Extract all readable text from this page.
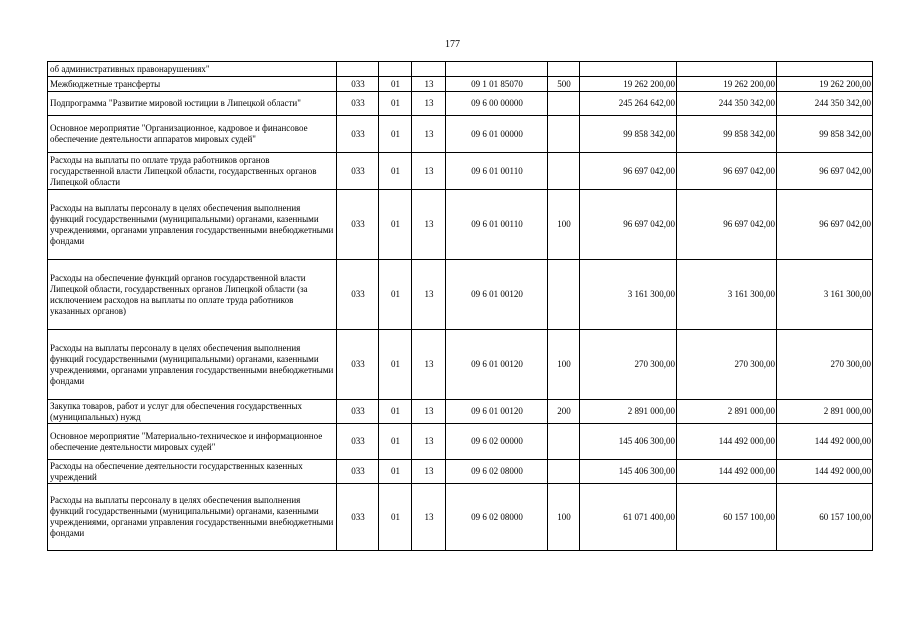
177
об административных правонарушениях"								
Межбюджетные трансферты	033	01	13	09 1 01 85070	500	19 262 200,00	19 262 200,00	19 262 200,00
Подпрограмма "Развитие мировой юстиции в Липецкой области"	033	01	13	09 6 00 00000		245 264 642,00	244 350 342,00	244 350 342,00
Основное мероприятие "Организационное, кадровое и финансовое обеспечение деятельности аппаратов мировых судей"	033	01	13	09 6 01 00000		99 858 342,00	99 858 342,00	99 858 342,00
Расходы на выплаты по оплате труда работников органов государственной власти Липецкой области, государственных органов Липецкой области	033	01	13	09 6 01 00110		96 697 042,00	96 697 042,00	96 697 042,00
Расходы на выплаты персоналу в целях обеспечения выполнения функций государственными (муниципальными) органами, казенными учреждениями, органами управления государственными внебюджетными фондами	033	01	13	09 6 01 00110	100	96 697 042,00	96 697 042,00	96 697 042,00
Расходы на обеспечение функций органов государственной власти Липецкой области, государственных органов Липецкой области (за исключением расходов на выплаты по оплате труда работников указанных органов)	033	01	13	09 6 01 00120		3 161 300,00	3 161 300,00	3 161 300,00
Расходы на выплаты персоналу в целях обеспечения выполнения функций государственными (муниципальными) органами, казенными учреждениями, органами управления государственными внебюджетными фондами	033	01	13	09 6 01 00120	100	270 300,00	270 300,00	270 300,00
Закупка товаров, работ и услуг для обеспечения государственных (муниципальных) нужд	033	01	13	09 6 01 00120	200	2 891 000,00	2 891 000,00	2 891 000,00
Основное мероприятие "Материально-техническое и информационное обеспечение деятельности мировых судей"	033	01	13	09 6 02 00000		145 406 300,00	144 492 000,00	144 492 000,00
Расходы на обеспечение деятельности государственных казенных учреждений	033	01	13	09 6 02 08000		145 406 300,00	144 492 000,00	144 492 000,00
Расходы на выплаты персоналу в целях обеспечения выполнения функций государственными (муниципальными) органами, казенными учреждениями, органами управления государственными внебюджетными фондами	033	01	13	09 6 02 08000	100	61 071 400,00	60 157 100,00	60 157 100,00
